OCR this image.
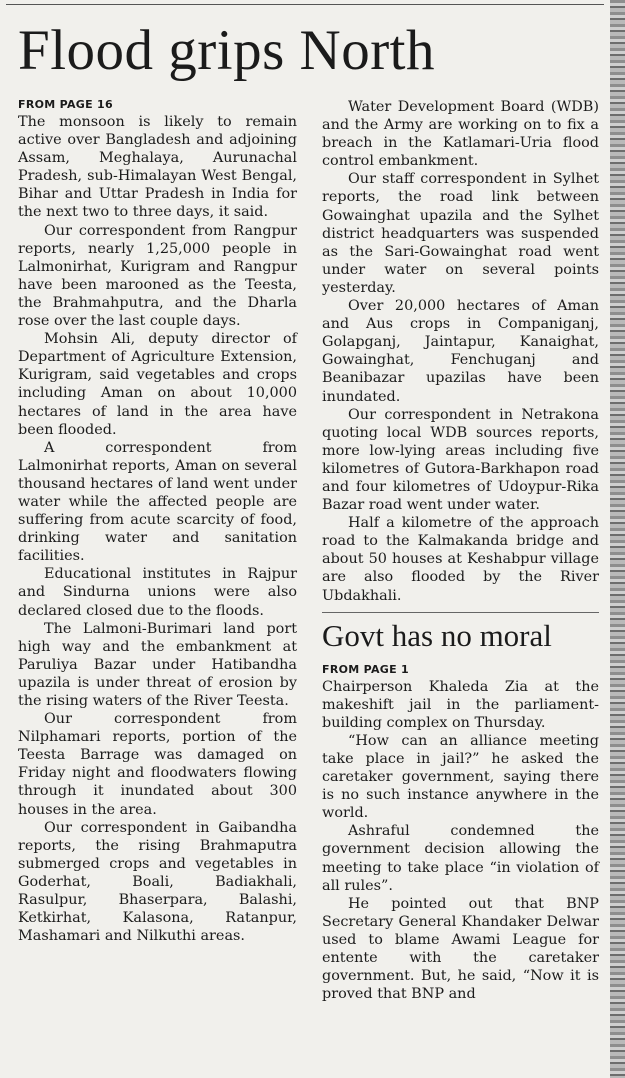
Flood grips North
FROM PAGE 16

The monsoon is likely to remain active over Bangladesh and adjoining Assam, Meghalaya, Aurunachal Pradesh, sub-Himalayan West Bengal, Bihar and Uttar Pradesh in India for the next two to three days, it said.

Our correspondent from Rangpur reports, nearly 1,25,000 people in Lalmonirhat, Kurigram and Rangpur have been marooned as the Teesta, the Brahmahputra, and the Dharla rose over the last couple days.

Mohsin Ali, deputy director of Department of Agriculture Extension, Kurigram, said vegetables and crops including Aman on about 10,000 hectares of land in the area have been flooded.

A correspondent from Lalmonirhat reports, Aman on several thousand hectares of land went under water while the affected people are suffering from acute scarcity of food, drinking water and sanitation facilities.

Educational institutes in Rajpur and Sindurna unions were also declared closed due to the floods.

The Lalmoni-Burimari land port high way and the embankment at Paruliya Bazar under Hatibandha upazila is under threat of erosion by the rising waters of the River Teesta.

Our correspondent from Nilphamari reports, portion of the Teesta Barrage was damaged on Friday night and floodwaters flowing through it inundated about 300 houses in the area.

Our correspondent in Gaibandha reports, the rising Brahmaputra submerged crops and vegetables in Goderhat, Boali, Badiakhali, Rasulpur, Bhaserpara, Balashi, Ketkirhat, Kalasona, Ratanpur, Mashamari and Nilkuthi areas.

Water Development Board (WDB) and the Army are working on to fix a breach in the Katlamari-Uria flood control embankment.

Our staff correspondent in Sylhet reports, the road link between Gowainghat upazila and the Sylhet district headquarters was suspended as the Sari-Gowainghat road went under water on several points yesterday.

Over 20,000 hectares of Aman and Aus crops in Companiganj, Golapganj, Jaintapur, Kanaighat, Gowainghat, Fenchuganj and Beanibazar upazilas have been inundated.

Our correspondent in Netrakona quoting local WDB sources reports, more low-lying areas including five kilometres of Gutora-Barkhapon road and four kilometres of Udoypur-Rika Bazar road went under water.

Half a kilometre of the approach road to the Kalmakanda bridge and about 50 houses at Keshabpur village are also flooded by the River Ubdakhali.

Govt has no moral
FROM PAGE 1

Chairperson Khaleda Zia at the makeshift jail in the parliament-building complex on Thursday.

“How can an alliance meeting take place in jail?” he asked the caretaker government, saying there is no such instance anywhere in the world.

Ashraful condemned the government decision allowing the meeting to take place “in violation of all rules”.

He pointed out that BNP Secretary General Khandaker Delwar used to blame Awami League for entente with the caretaker government. But, he said, “Now it is proved that BNP and
